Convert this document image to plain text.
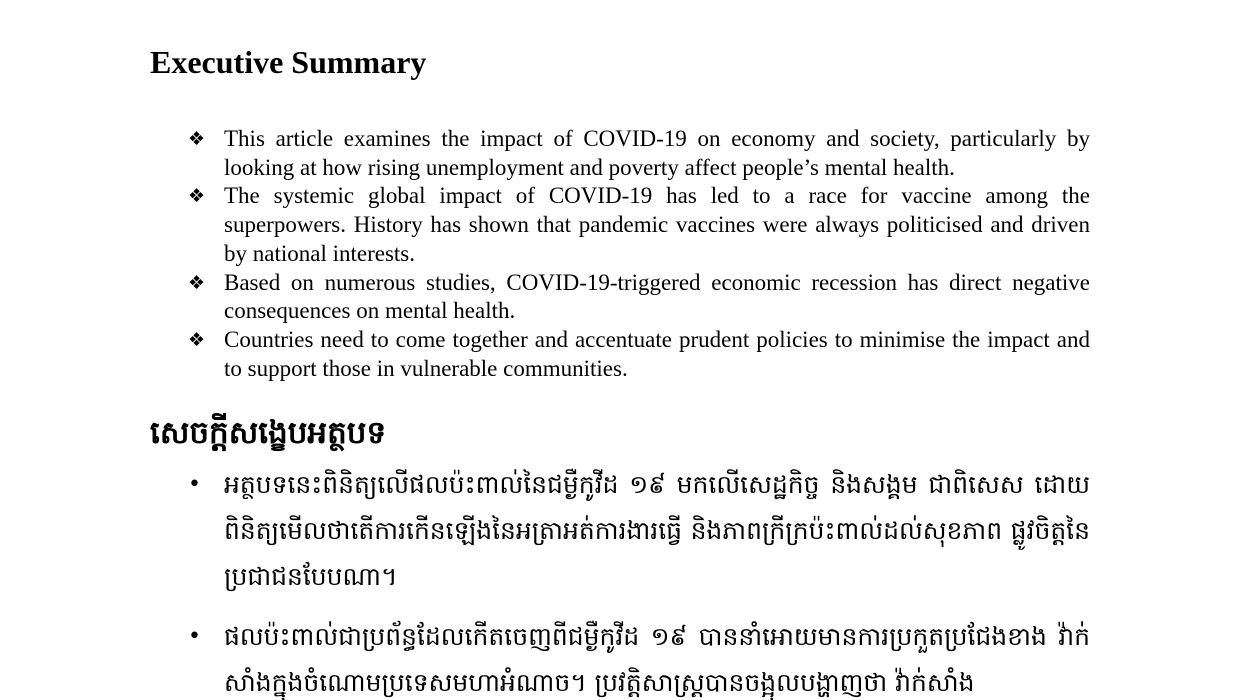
Executive Summary
❖ This article examines the impact of COVID-19 on economy and society, particularly by looking at how rising unemployment and poverty affect people’s mental health.
❖ The systemic global impact of COVID-19 has led to a race for vaccine among the superpowers. History has shown that pandemic vaccines were always politicised and driven by national interests.
❖ Based on numerous studies, COVID-19-triggered economic recession has direct negative consequences on mental health.
❖ Countries need to come together and accentuate prudent policies to minimise the impact and to support those in vulnerable communities.
សេចក្តីសង្ខេបអត្ថបទ
• អត្ថបទនេះពិនិត្យលើផលប៉ះពាល់នៃជម្ងឺកូវីដ ១៩ មកលើសេដ្ឋកិច្ច និងសង្គម ជាពិសេស ដោយពិនិត្យមើលថាតើការកើនឡើងនៃអត្រាអត់ការងារធ្វើ និងភាពក្រីក្រប៉ះពាល់ដល់សុខភាព ផ្លូវចិត្តនៃប្រជាជនបែបណា។
• ផលប៉ះពាល់ជាប្រព័ន្ធដែលកើតចេញពីជម្ងឺកូវីដ ១៩ បាននាំអោយមានការប្រកួតប្រជែងខាង វ៉ាក់សាំងក្នុងចំណោមប្រទេសមហាអំណាច។ ប្រវត្តិសាស្ត្របានចង្អុលបង្ហាញថា វ៉ាក់សាំង
